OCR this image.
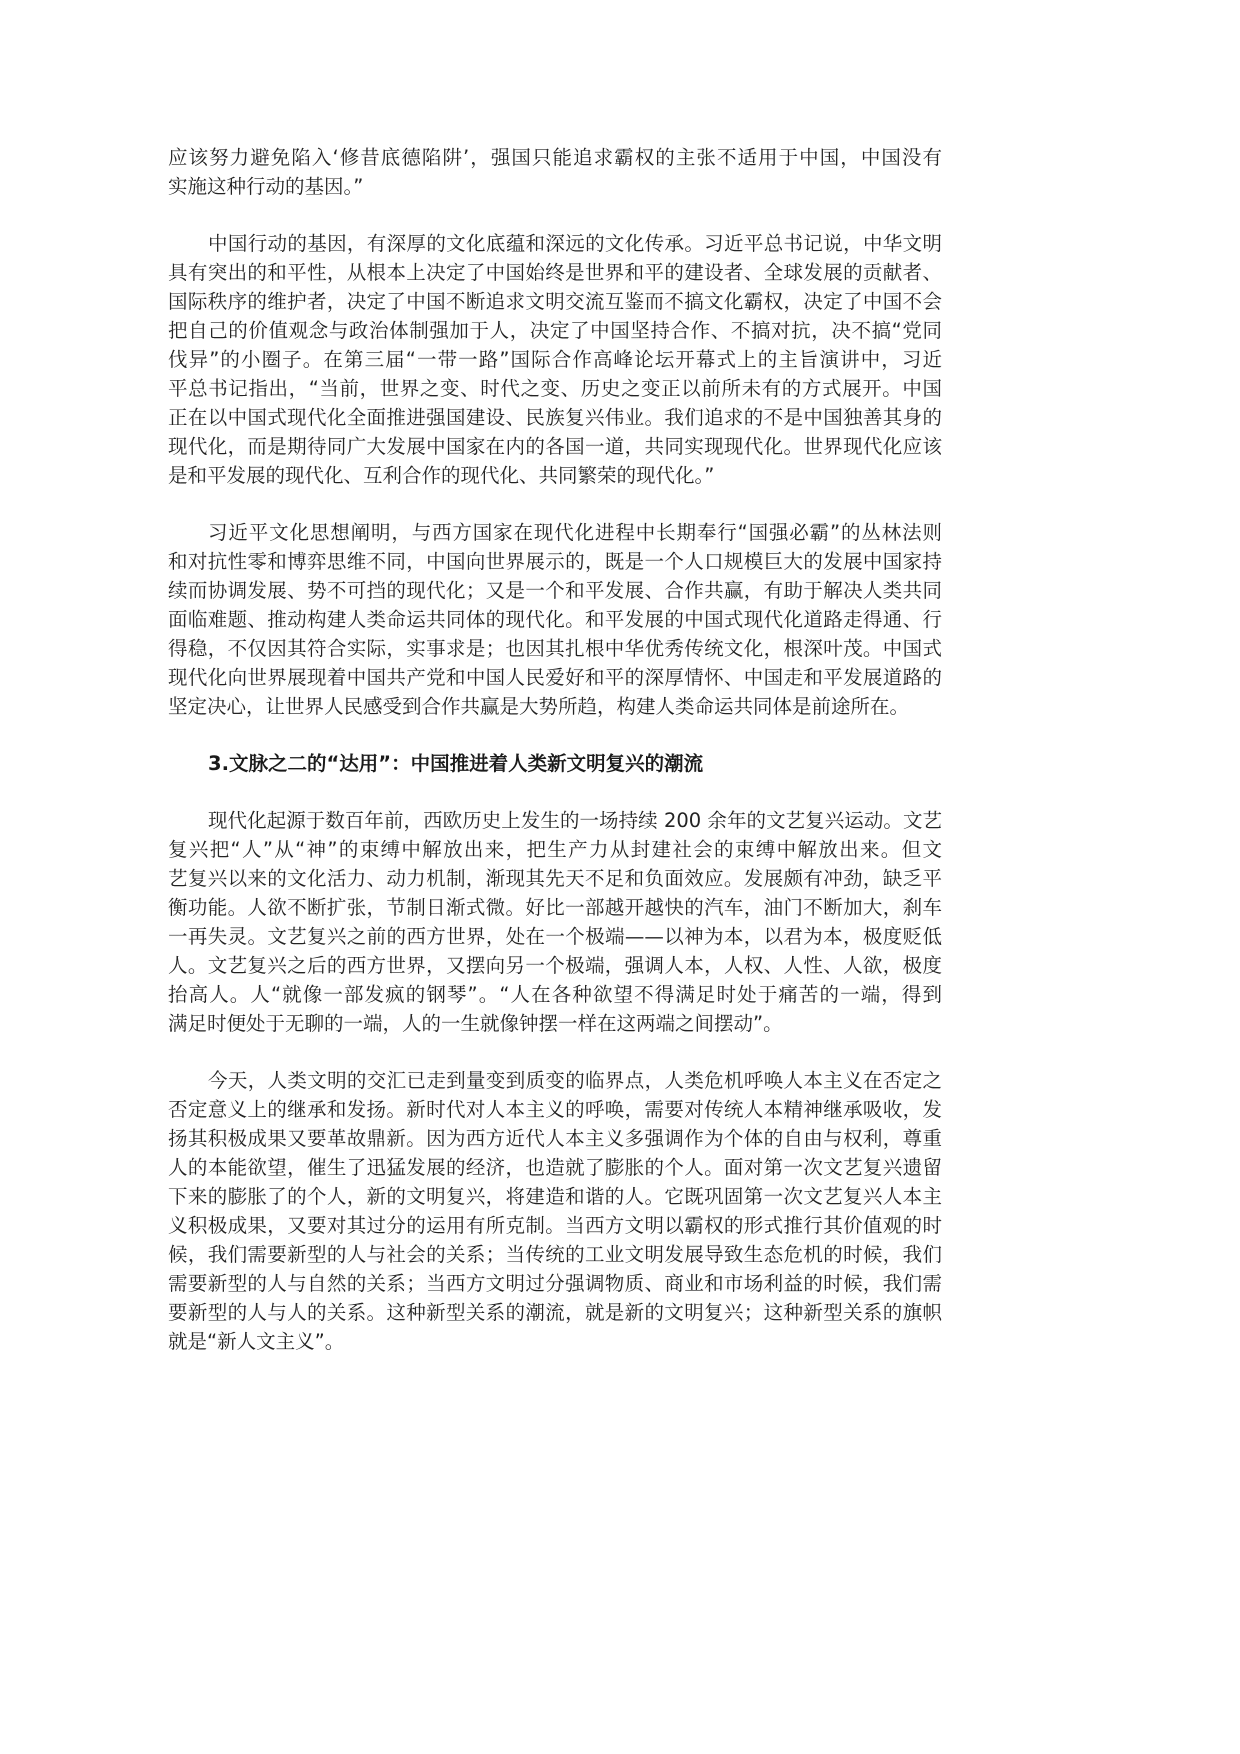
应该努力避免陷入‘修昔底德陷阱’，强国只能追求霸权的主张不适用于中国，中国没有
实施这种行动的基因。”
中国行动的基因，有深厚的文化底蕴和深远的文化传承。习近平总书记说，中华文明
具有突出的和平性，从根本上决定了中国始终是世界和平的建设者、全球发展的贡献者、
国际秩序的维护者，决定了中国不断追求文明交流互鉴而不搞文化霸权，决定了中国不会
把自己的价值观念与政治体制强加于人，决定了中国坚持合作、不搞对抗，决不搞“党同
伐异”的小圈子。在第三届“一带一路”国际合作高峰论坛开幕式上的主旨演讲中，习近
平总书记指出，“当前，世界之变、时代之变、历史之变正以前所未有的方式展开。中国
正在以中国式现代化全面推进强国建设、民族复兴伟业。我们追求的不是中国独善其身的
现代化，而是期待同广大发展中国家在内的各国一道，共同实现现代化。世界现代化应该
是和平发展的现代化、互利合作的现代化、共同繁荣的现代化。”
习近平文化思想阐明，与西方国家在现代化进程中长期奉行“国强必霸”的丛林法则
和对抗性零和博弈思维不同，中国向世界展示的，既是一个人口规模巨大的发展中国家持
续而协调发展、势不可挡的现代化；又是一个和平发展、合作共赢，有助于解决人类共同
面临难题、推动构建人类命运共同体的现代化。和平发展的中国式现代化道路走得通、行
得稳，不仅因其符合实际，实事求是；也因其扎根中华优秀传统文化，根深叶茂。中国式
现代化向世界展现着中国共产党和中国人民爱好和平的深厚情怀、中国走和平发展道路的
坚定决心，让世界人民感受到合作共赢是大势所趋，构建人类命运共同体是前途所在。
3.文脉之二的“达用”：中国推进着人类新文明复兴的潮流
现代化起源于数百年前，西欧历史上发生的一场持续 200 余年的文艺复兴运动。文艺
复兴把“人”从“神”的束缚中解放出来，把生产力从封建社会的束缚中解放出来。但文
艺复兴以来的文化活力、动力机制，渐现其先天不足和负面效应。发展颇有冲劲，缺乏平
衡功能。人欲不断扩张，节制日渐式微。好比一部越开越快的汽车，油门不断加大，刹车
一再失灵。文艺复兴之前的西方世界，处在一个极端——以神为本，以君为本，极度贬低
人。文艺复兴之后的西方世界，又摆向另一个极端，强调人本，人权、人性、人欲，极度
抬高人。人“就像一部发疯的钢琴”。“人在各种欲望不得满足时处于痛苦的一端，得到
满足时便处于无聊的一端，人的一生就像钟摆一样在这两端之间摆动”。
今天，人类文明的交汇已走到量变到质变的临界点，人类危机呼唤人本主义在否定之
否定意义上的继承和发扬。新时代对人本主义的呼唤，需要对传统人本精神继承吸收，发
扬其积极成果又要革故鼎新。因为西方近代人本主义多强调作为个体的自由与权利，尊重
人的本能欲望，催生了迅猛发展的经济，也造就了膨胀的个人。面对第一次文艺复兴遗留
下来的膨胀了的个人，新的文明复兴，将建造和谐的人。它既巩固第一次文艺复兴人本主
义积极成果，又要对其过分的运用有所克制。当西方文明以霸权的形式推行其价值观的时
候，我们需要新型的人与社会的关系；当传统的工业文明发展导致生态危机的时候，我们
需要新型的人与自然的关系；当西方文明过分强调物质、商业和市场利益的时候，我们需
要新型的人与人的关系。这种新型关系的潮流，就是新的文明复兴；这种新型关系的旗帜
就是“新人文主义”。
